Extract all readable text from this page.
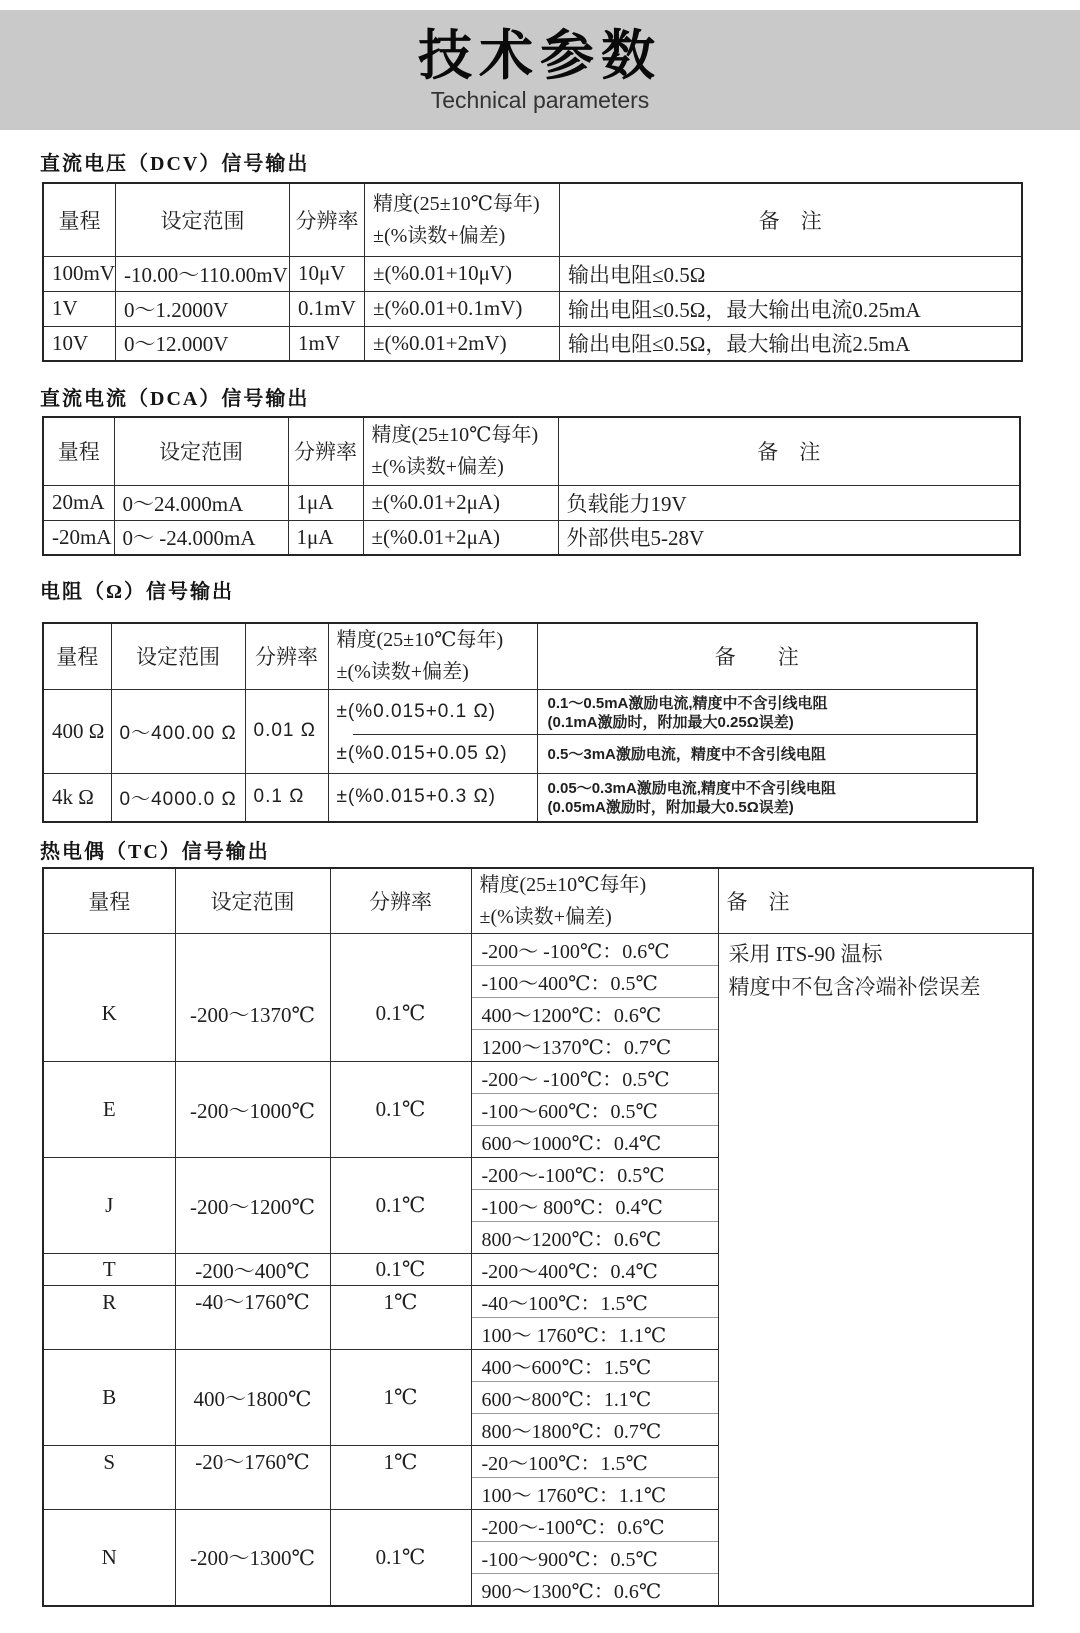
技术参数
Technical parameters
直流电压（DCV）信号输出
量程	设定范围	分辨率	精度(25±10℃每年)
±(%读数+偏差)	备　注
100mV	-10.00～110.00mV	10μV	±(%0.01+10μV)	输出电阻≤0.5Ω
1V	0～1.2000V	0.1mV	±(%0.01+0.1mV)	输出电阻≤0.5Ω，最大输出电流0.25mA
10V	0～12.000V	1mV	±(%0.01+2mV)	输出电阻≤0.5Ω，最大输出电流2.5mA
直流电流（DCA）信号输出
量程	设定范围	分辨率	精度(25±10℃每年)
±(%读数+偏差)	备　注
20mA	0～24.000mA	1μA	±(%0.01+2μA)	负载能力19V
-20mA	0～ -24.000mA	1μA	±(%0.01+2μA)	外部供电5-28V
电阻（Ω）信号输出
量程	设定范围	分辨率	精度(25±10℃每年)
±(%读数+偏差)	备　　注
400 Ω	0～400.00 Ω	0.01 Ω	±(%0.015+0.1 Ω)	0.1～0.5mA激励电流,精度中不含引线电阻
(0.1mA激励时，附加最大0.25Ω误差)

			±(%0.015+0.05 Ω)	0.5～3mA激励电流，精度中不含引线电阻
4k Ω	0～4000.0 Ω	0.1 Ω	±(%0.015+0.3 Ω)	0.05～0.3mA激励电流,精度中不含引线电阻
(0.05mA激励时，附加最大0.5Ω误差)
热电偶（TC）信号输出
量程	设定范围	分辨率	精度(25±10℃每年)
±(%读数+偏差)	备　注
K	-200～1370℃	0.1℃	-200～ -100℃：0.6℃	采用 ITS-90 温标
精度中不包含冷端补偿误差

			-100～400℃：0.5℃	
			400～1200℃：0.6℃	
			1200～1370℃：0.7℃	
E	-200～1000℃	0.1℃	-200～ -100℃：0.5℃	
			-100～600℃：0.5℃	
			600～1000℃：0.4℃	
J	-200～1200℃	0.1℃	-200～-100℃：0.5℃	
			-100～ 800℃：0.4℃	
			800～1200℃：0.6℃	
T	-200～400℃	0.1℃	-200～400℃：0.4℃	
R	-40～1760℃	1℃	-40～100℃：1.5℃	
			100～ 1760℃：1.1℃	
B	400～1800℃	1℃	400～600℃：1.5℃	
			600～800℃：1.1℃	
			800～1800℃：0.7℃	
S	-20～1760℃	1℃	-20～100℃：1.5℃	
			100～ 1760℃：1.1℃	
N	-200～1300℃	0.1℃	-200～-100℃：0.6℃	
			-100～900℃：0.5℃	
			900～1300℃：0.6℃	
